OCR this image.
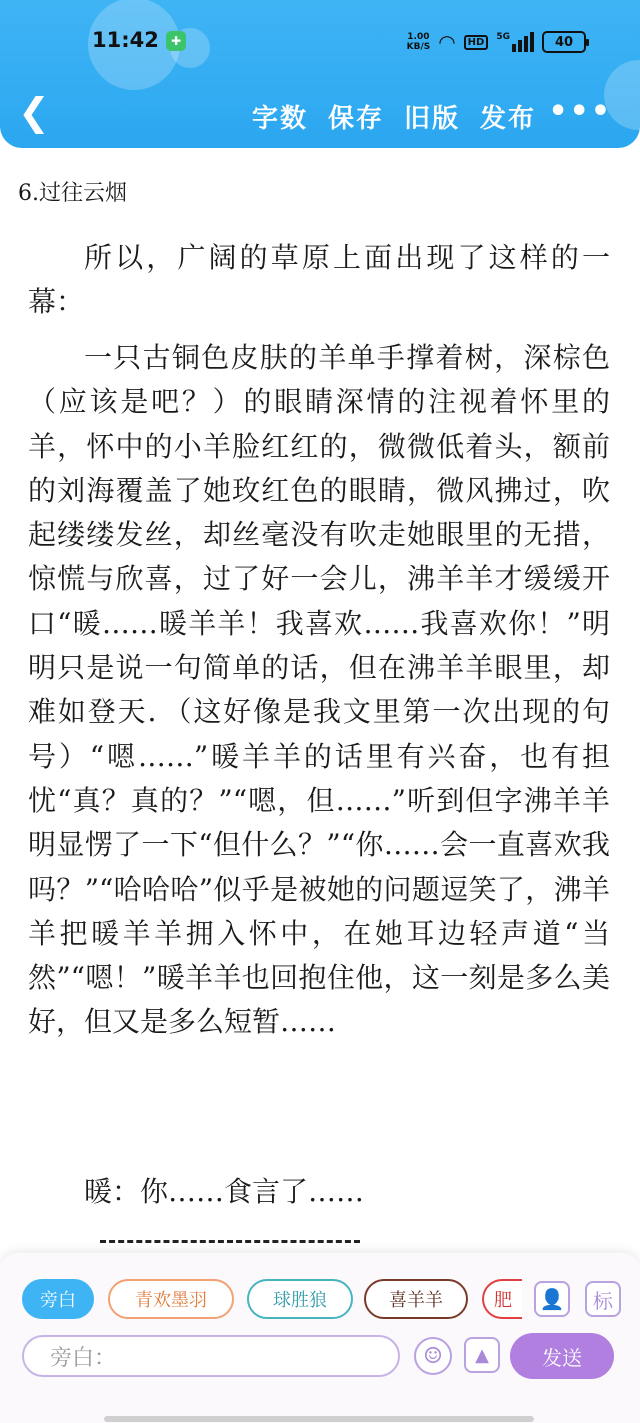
11:42	✚	1.00
KB/S ◠	HD	5G	40
❮	字数 保存 旧版 发布 •••
6.过往云烟

所以，广阔的草原上面出现了这样的一幕：

一只古铜色皮肤的羊单手撑着树，深棕色（应该是吧？）的眼睛深情的注视着怀里的羊，怀中的小羊脸红红的，微微低着头，额前的刘海覆盖了她玫红色的眼睛，微风拂过，吹起缕缕发丝，却丝毫没有吹走她眼里的无措，惊慌与欣喜，过了好一会儿，沸羊羊才缓缓开口“暖……暖羊羊！我喜欢……我喜欢你！”明明只是说一句简单的话，但在沸羊羊眼里，却难如登天．（这好像是我文里第一次出现的句号）“嗯……”暖羊羊的话里有兴奋，也有担忧“真？真的？”“嗯，但……”听到但字沸羊羊明显愣了一下“但什么？”“你……会一直喜欢我吗？”“哈哈哈”似乎是被她的问题逗笑了，沸羊羊把暖羊羊拥入怀中，在她耳边轻声道“当然”“嗯！”暖羊羊也回抱住他，这一刻是多么美好，但又是多么短暂……

暖：你……食言了……

旁白	青欢墨羽	球胜狼	喜羊羊	肥	👤	标
旁白：	☺	▲	发送
